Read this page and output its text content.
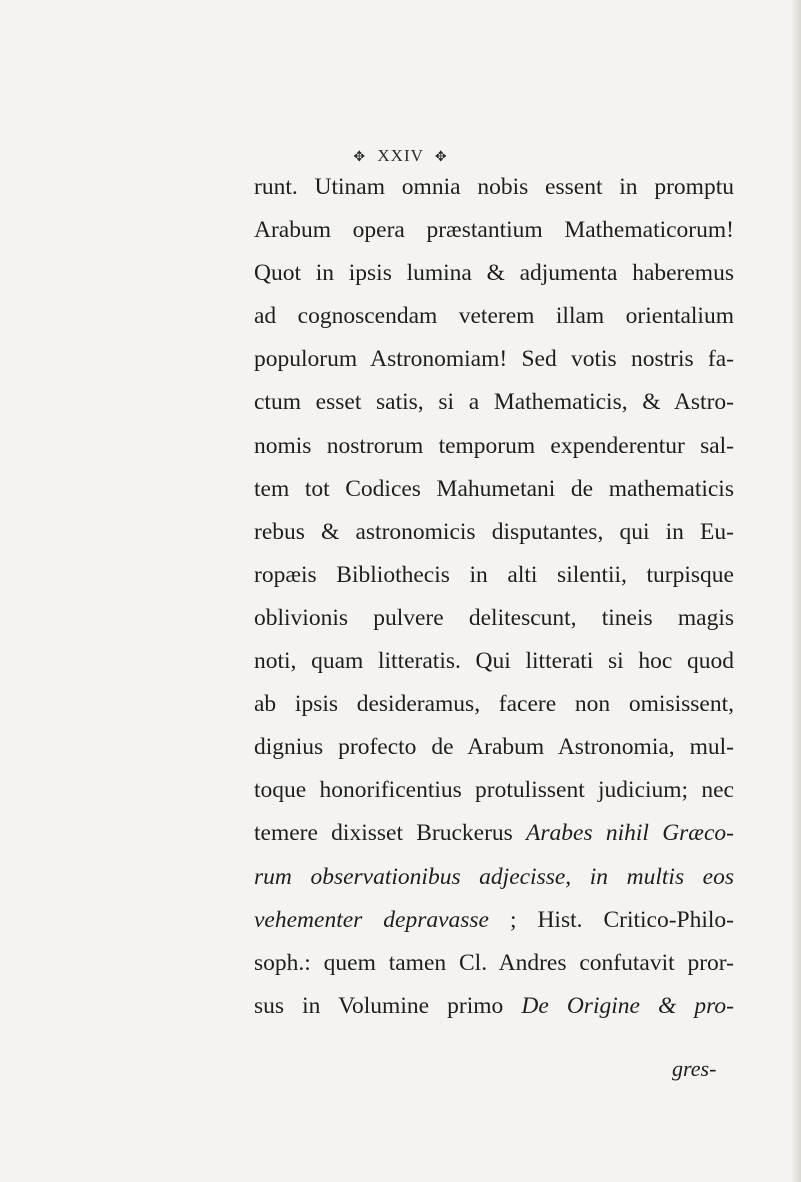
✥ XXIV ✥
runt. Utinam omnia nobis essent in promptu
Arabum opera præstantium Mathematicorum!
Quot in ipsis lumina & adjumenta haberemus
ad cognoscendam veterem illam orientalium
populorum Astronomiam! Sed votis nostris fa-
ctum esset satis, si a Mathematicis, & Astro-
nomis nostrorum temporum expenderentur sal-
tem tot Codices Mahumetani de mathematicis
rebus & astronomicis disputantes, qui in Eu-
ropæis Bibliothecis in alti silentii, turpisque
oblivionis pulvere delitescunt, tineis magis
noti, quam litteratis. Qui litterati si hoc quod
ab ipsis desideramus, facere non omisissent,
dignius profecto de Arabum Astronomia, mul-
toque honorificentius protulissent judicium; nec
temere dixisset Bruckerus Arabes nihil Græco-
rum observationibus adjecisse, in multis eos
vehementer depravasse ; Hist. Critico-Philo-
soph.: quem tamen Cl. Andres confutavit pror-
sus in Volumine primo De Origine & pro-
gres-
